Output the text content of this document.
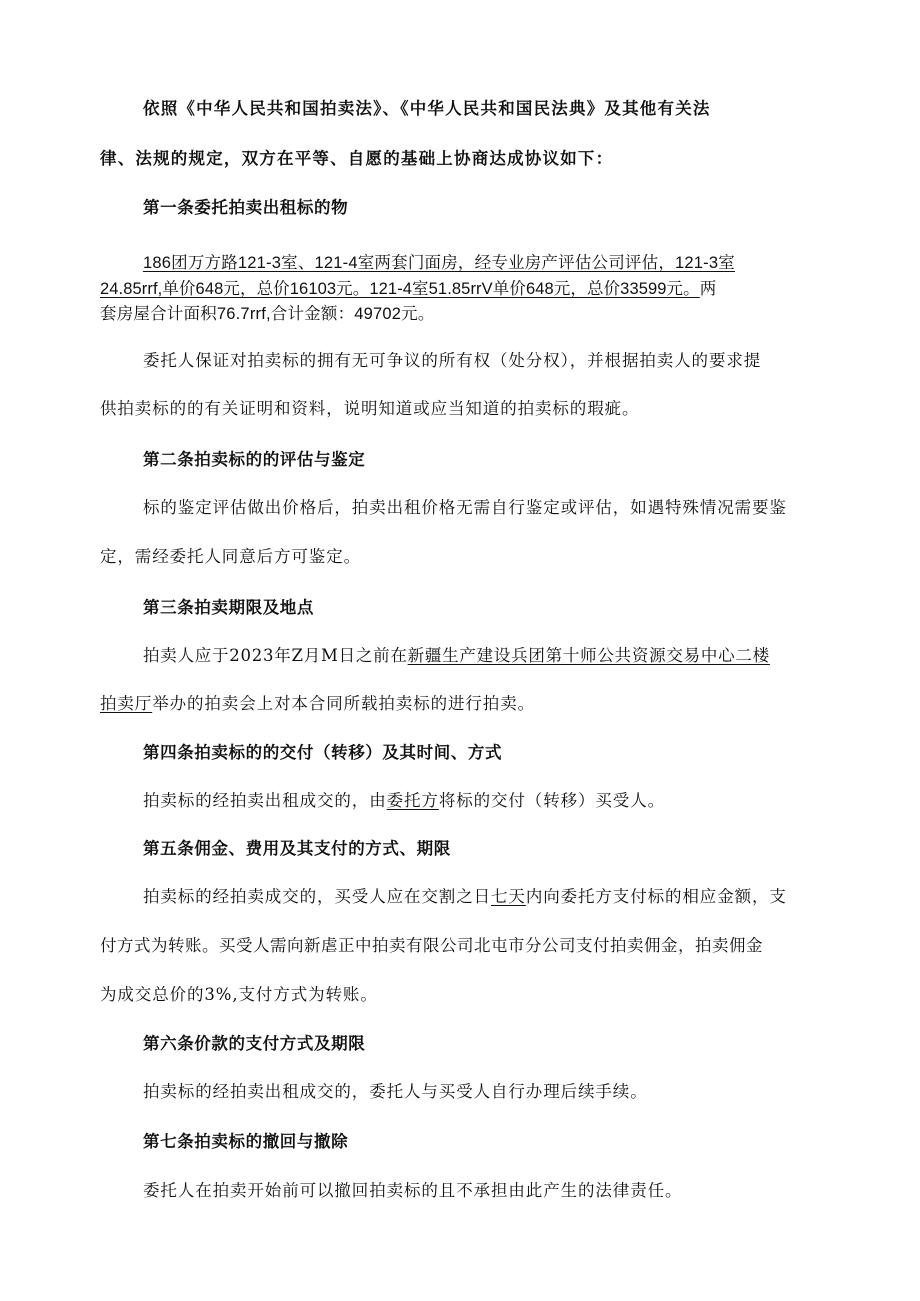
依照《中华人民共和国拍卖法》、《中华人民共和国民法典》及其他有关法
律、法规的规定，双方在平等、自愿的基础上协商达成协议如下：
第一条委托拍卖出租标的物
186团万方路121-3室、121-4室两套门面房，经专业房产评估公司评估，121-3室
24.85rrf,单价648元，总价16103元。121-4室51.85rrV单价648元，总价33599元。两
套房屋合计面积76.7rrf,合计金额：49702元。
委托人保证对拍卖标的拥有无可争议的所有权（处分权），并根据拍卖人的要求提
供拍卖标的的有关证明和资料，说明知道或应当知道的拍卖标的瑕疵。
第二条拍卖标的的评估与鉴定
标的鉴定评估做出价格后，拍卖出租价格无需自行鉴定或评估，如遇特殊情况需要鉴
定，需经委托人同意后方可鉴定。
第三条拍卖期限及地点
拍卖人应于2023年Z月M日之前在新疆生产建设兵团第十师公共资源交易中心二楼
拍卖厅举办的拍卖会上对本合同所载拍卖标的进行拍卖。
第四条拍卖标的的交付（转移）及其时间、方式
拍卖标的经拍卖出租成交的，由委托方将标的交付（转移）买受人。
第五条佣金、费用及其支付的方式、期限
拍卖标的经拍卖成交的，买受人应在交割之日七天内向委托方支付标的相应金额，支
付方式为转账。买受人需向新虐正中拍卖有限公司北屯市分公司支付拍卖佣金，拍卖佣金
为成交总价的3%,支付方式为转账。
第六条价款的支付方式及期限
拍卖标的经拍卖出租成交的，委托人与买受人自行办理后续手续。
第七条拍卖标的撤回与撤除
委托人在拍卖开始前可以撤回拍卖标的且不承担由此产生的法律责任。
